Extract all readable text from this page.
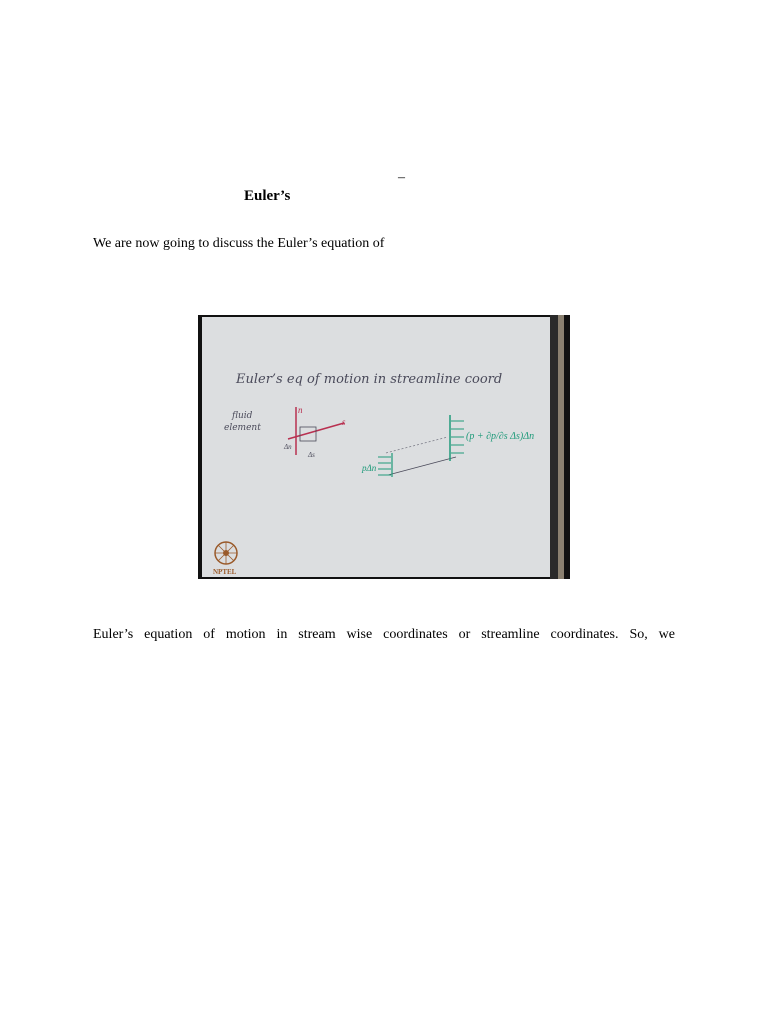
–
Euler’s
We are now going to discuss the Euler’s equation of
Euler’s eq of motion in streamline coord
fluid
element
n
s
Δn
Δs
pΔn
(p + ∂p/∂s Δs)Δn
NPTEL
Euler’s equation of motion in stream wise coordinates or streamline coordinates. So, we
